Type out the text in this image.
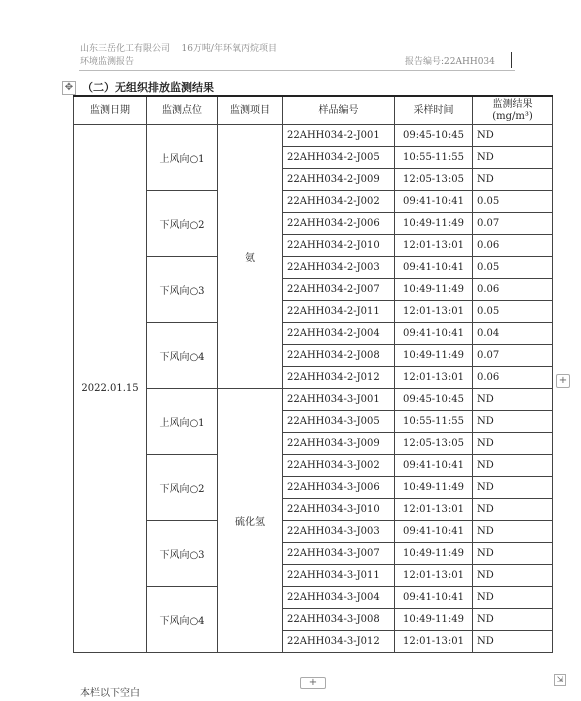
山东三岳化工有限公司 16万吨/年环氧丙烷项目
环境监测报告	报告编号:22AHH034
✥ （二）无组织排放监测结果
监测日期	监测点位	监测项目	样品编号	采样时间	监测结果
(mg/m³)

2022.01.15	上风向○1	氨	22AHH034-2-J001	09:45-10:45	ND
			22AHH034-2-J005	10:55-11:55	ND
			22AHH034-2-J009	12:05-13:05	ND
	下风向○2		22AHH034-2-J002	09:41-10:41	0.05
			22AHH034-2-J006	10:49-11:49	0.07
			22AHH034-2-J010	12:01-13:01	0.06
	下风向○3		22AHH034-2-J003	09:41-10:41	0.05
			22AHH034-2-J007	10:49-11:49	0.06
			22AHH034-2-J011	12:01-13:01	0.05
	下风向○4		22AHH034-2-J004	09:41-10:41	0.04
			22AHH034-2-J008	10:49-11:49	0.07
			22AHH034-2-J012	12:01-13:01	0.06
	上风向○1	硫化氢	22AHH034-3-J001	09:45-10:45	ND
			22AHH034-3-J005	10:55-11:55	ND
			22AHH034-3-J009	12:05-13:05	ND
	下风向○2		22AHH034-3-J002	09:41-10:41	ND
			22AHH034-3-J006	10:49-11:49	ND
			22AHH034-3-J010	12:01-13:01	ND
	下风向○3		22AHH034-3-J003	09:41-10:41	ND
			22AHH034-3-J007	10:49-11:49	ND
			22AHH034-3-J011	12:01-13:01	ND
	下风向○4		22AHH034-3-J004	09:41-10:41	ND
			22AHH034-3-J008	10:49-11:49	ND
			22AHH034-3-J012	12:01-13:01	ND
本栏以下空白
+
+
⇲
